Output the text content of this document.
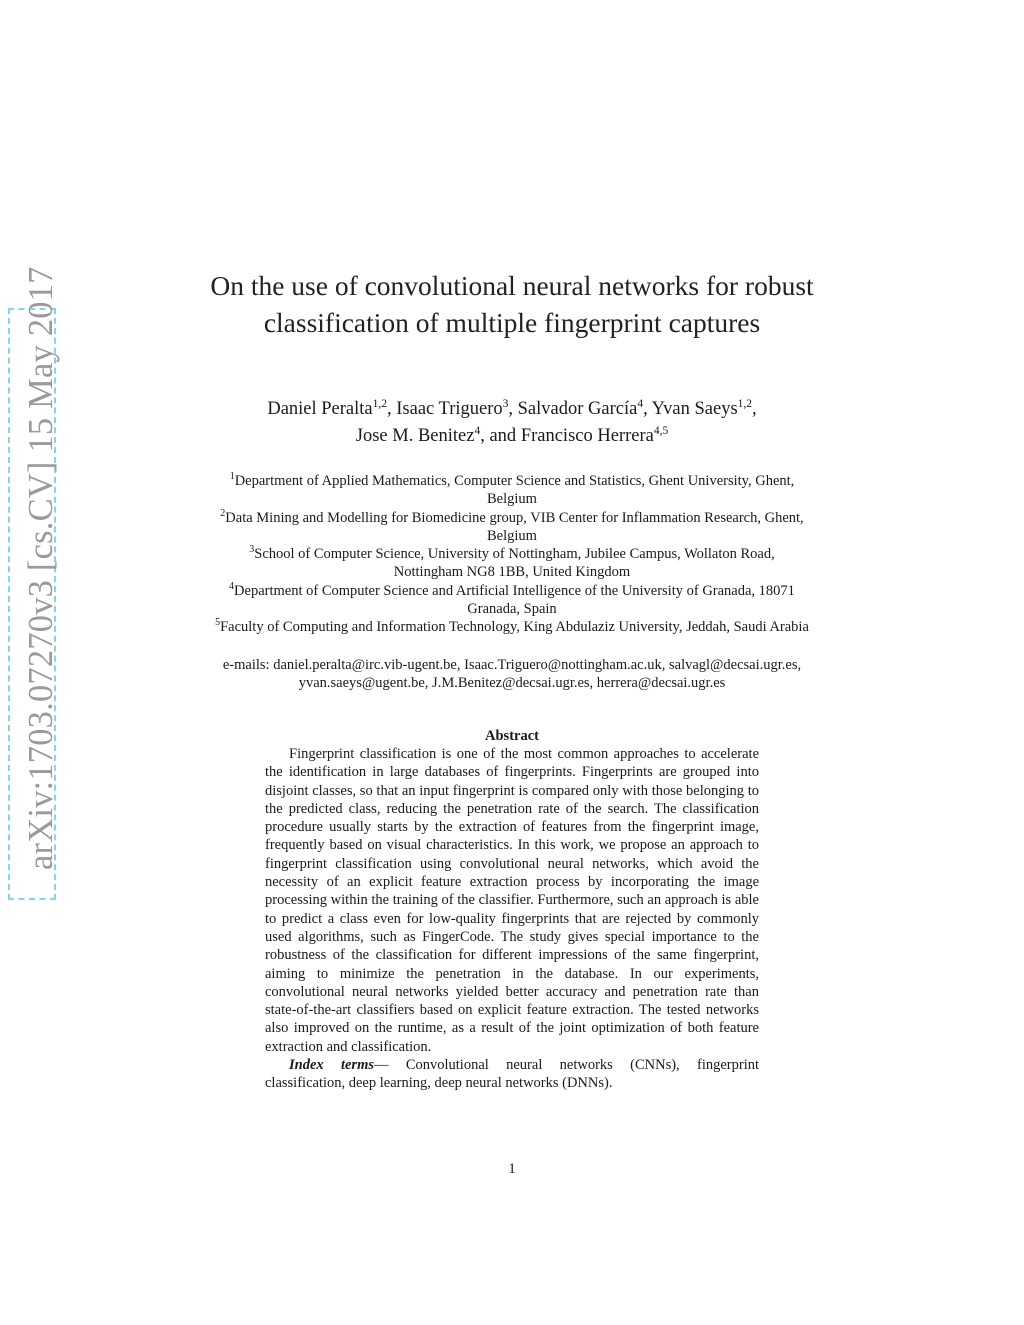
arXiv:1703.07270v3 [cs.CV] 15 May 2017	On the use of convolutional neural networks for robust classification of multiple fingerprint captures
Daniel Peralta$^{1,2}$, Isaac Triguero$^3$, Salvador García$^4$, Yvan Saeys$^{1,2}$,
Jose M. Benitez$^4$, and Francisco Herrera$^{4,5}$
$^1$Department of Applied Mathematics, Computer Science and Statistics, Ghent University, Ghent, Belgium
$^2$Data Mining and Modelling for Biomedicine group, VIB Center for Inflammation Research, Ghent, Belgium
$^3$School of Computer Science, University of Nottingham, Jubilee Campus, Wollaton Road, Nottingham NG8 1BB, United Kingdom
$^4$Department of Computer Science and Artificial Intelligence of the University of Granada, 18071 Granada, Spain
$^5$Faculty of Computing and Information Technology, King Abdulaziz University, Jeddah, Saudi Arabia
e-mails: daniel.peralta@irc.vib-ugent.be, Isaac.Triguero@nottingham.ac.uk, salvagl@decsai.ugr.es, yvan.saeys@ugent.be, J.M.Benitez@decsai.ugr.es, herrera@decsai.ugr.es
Abstract

Fingerprint classification is one of the most common approaches to accelerate the identification in large databases of fingerprints. Fingerprints are grouped into disjoint classes, so that an input fingerprint is compared only with those belonging to the predicted class, reducing the penetration rate of the search. The classification procedure usually starts by the extraction of features from the fingerprint image, frequently based on visual characteristics. In this work, we propose an approach to fingerprint classification using convolutional neural networks, which avoid the necessity of an explicit feature extraction process by incorporating the image processing within the training of the classifier. Furthermore, such an approach is able to predict a class even for low-quality fingerprints that are rejected by commonly used algorithms, such as FingerCode. The study gives special importance to the robustness of the classification for different impressions of the same fingerprint, aiming to minimize the penetration in the database. In our experiments, convolutional neural networks yielded better accuracy and penetration rate than state-of-the-art classifiers based on explicit feature extraction. The tested networks also improved on the runtime, as a result of the joint optimization of both feature extraction and classification.

Index terms— Convolutional neural networks (CNNs), fingerprint classification, deep learning, deep neural networks (DNNs).

1
